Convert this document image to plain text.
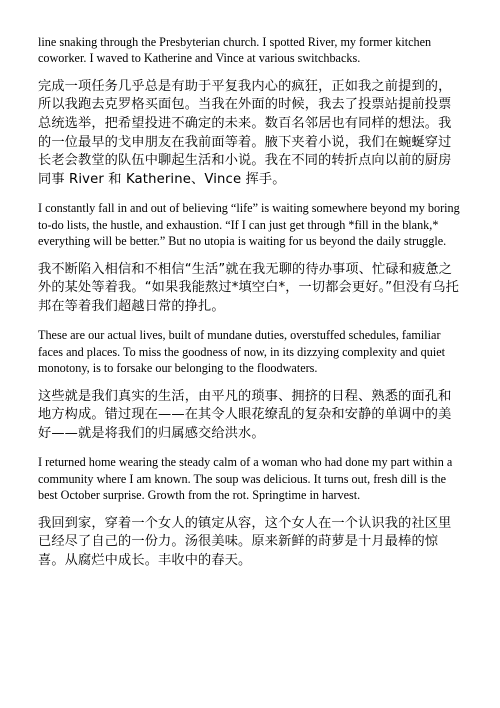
line snaking through the Presbyterian church. I spotted River, my former kitchen coworker. I waved to Katherine and Vince at various switchbacks.

完成一项任务几乎总是有助于平复我内心的疯狂，正如我之前提到的，所以我跑去克罗格买面包。当我在外面的时候，我去了投票站提前投票总统选举，把希望投进不确定的未来。数百名邻居也有同样的想法。我的一位最早的戈申朋友在我前面等着。腋下夹着小说，我们在蜿蜒穿过长老会教堂的队伍中聊起生活和小说。我在不同的转折点向以前的厨房同事 River 和 Katherine、Vince 挥手。

I constantly fall in and out of believing “life” is waiting somewhere beyond my boring to-do lists, the hustle, and exhaustion. “If I can just get through *fill in the blank,* everything will be better.” But no utopia is waiting for us beyond the daily struggle.

我不断陷入相信和不相信“生活”就在我无聊的待办事项、忙碌和疲惫之外的某处等着我。“如果我能熬过*填空白*，一切都会更好。”但没有乌托邦在等着我们超越日常的挣扎。

These are our actual lives, built of mundane duties, overstuffed schedules, familiar faces and places. To miss the goodness of now, in its dizzying complexity and quiet monotony, is to forsake our belonging to the floodwaters.

这些就是我们真实的生活，由平凡的琐事、拥挤的日程、熟悉的面孔和地方构成。错过现在——在其令人眼花缭乱的复杂和安静的单调中的美好——就是将我们的归属感交给洪水。

I returned home wearing the steady calm of a woman who had done my part within a community where I am known. The soup was delicious. It turns out, fresh dill is the best October surprise. Growth from the rot. Springtime in harvest.

我回到家，穿着一个女人的镇定从容，这个女人在一个认识我的社区里已经尽了自己的一份力。汤很美味。原来新鲜的莳萝是十月最棒的惊喜。从腐烂中成长。丰收中的春天。
